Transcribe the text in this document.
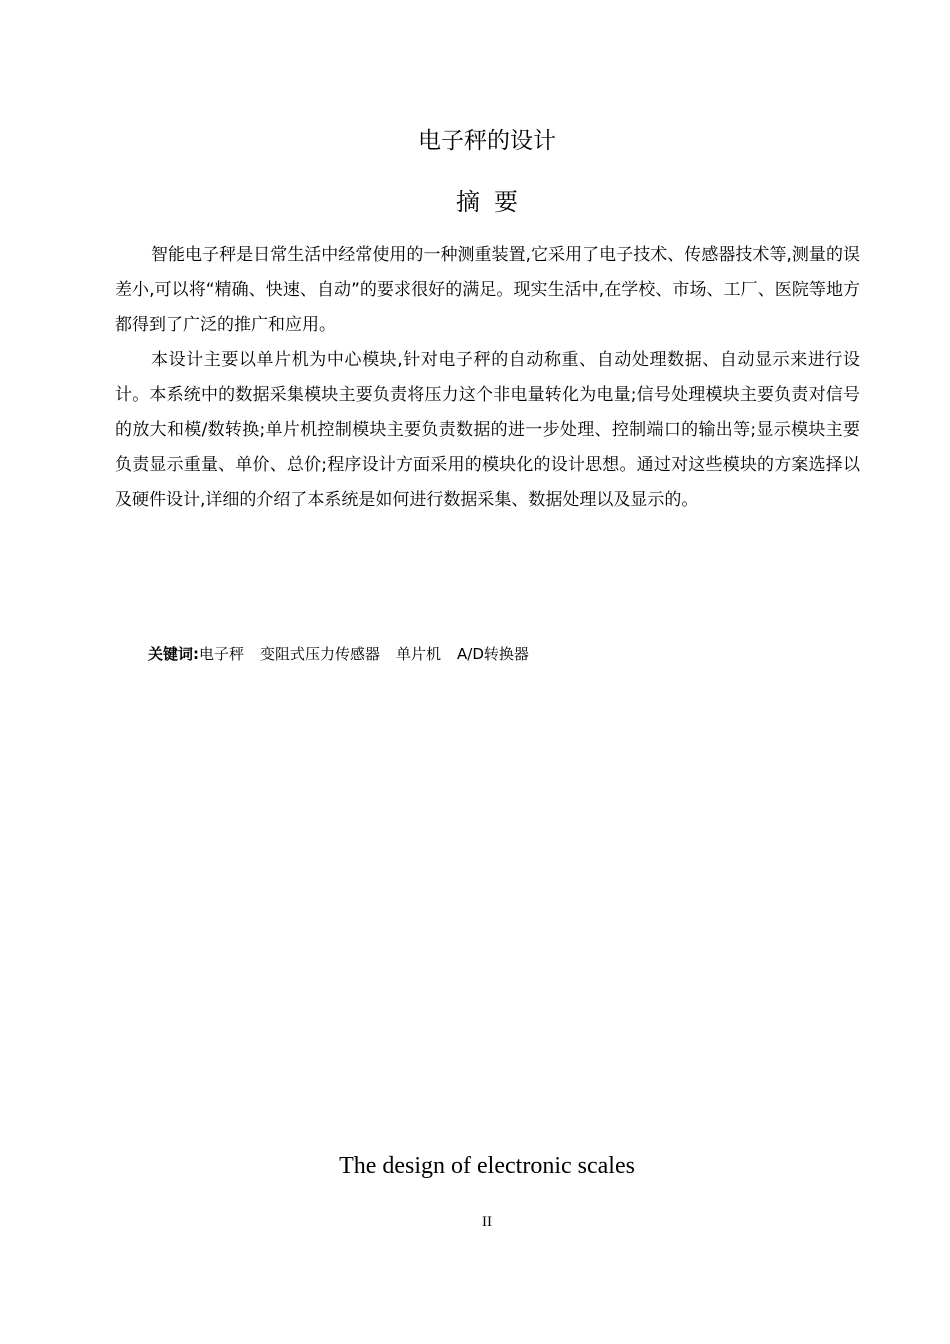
电子秤的设计
摘要

智能电子秤是日常生活中经常使用的一种测重装置,它采用了电子技术、传感器技术等,测量的误差小,可以将“精确、快速、自动”的要求很好的满足。现实生活中,在学校、市场、工厂、医院等地方都得到了广泛的推广和应用。

本设计主要以单片机为中心模块,针对电子秤的自动称重、自动处理数据、自动显示来进行设计。本系统中的数据采集模块主要负责将压力这个非电量转化为电量;信号处理模块主要负责对信号的放大和模/数转换;单片机控制模块主要负责数据的进一步处理、控制端口的输出等;显示模块主要负责显示重量、单价、总价;程序设计方面采用的模块化的设计思想。通过对这些模块的方案选择以及硬件设计,详细的介绍了本系统是如何进行数据采集、数据处理以及显示的。

关键词:电子秤 变阻式压力传感器 单片机 A/D转换器
The design of electronic scales
II
